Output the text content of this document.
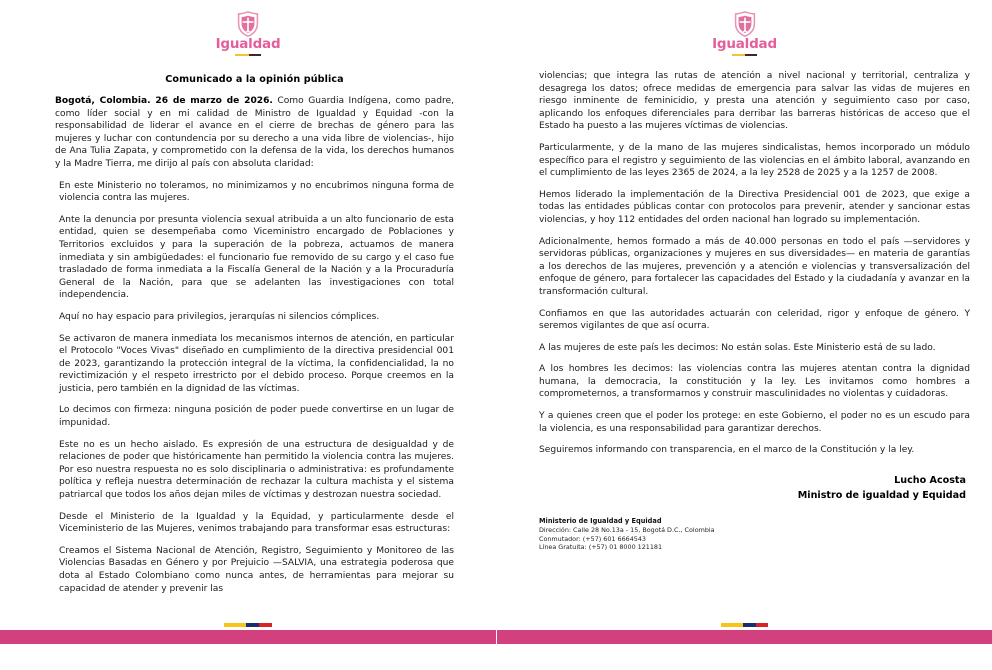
Igualdad
Comunicado a la opinión pública

Bogotá, Colombia. 26 de marzo de 2026. Como Guardia Indígena, como padre, como líder social y en mi calidad de Ministro de Igualdad y Equidad -con la responsabilidad de liderar el avance en el cierre de brechas de género para las mujeres y luchar con contundencia por su derecho a una vida libre de violencias-, hijo de Ana Tulia Zapata, y comprometido con la defensa de la vida, los derechos humanos y la Madre Tierra, me dirijo al país con absoluta claridad:

En este Ministerio no toleramos, no minimizamos y no encubrimos ninguna forma de violencia contra las mujeres.

Ante la denuncia por presunta violencia sexual atribuida a un alto funcionario de esta entidad, quien se desempeñaba como Viceministro encargado de Poblaciones y Territorios excluidos y para la superación de la pobreza, actuamos de manera inmediata y sin ambigüedades: el funcionario fue removido de su cargo y el caso fue trasladado de forma inmediata a la Fiscalía General de la Nación y a la Procuraduría General de la Nación, para que se adelanten las investigaciones con total independencia.

Aquí no hay espacio para privilegios, jerarquías ni silencios cómplices.

Se activaron de manera inmediata los mecanismos internos de atención, en particular el Protocolo "Voces Vivas" diseñado en cumplimiento de la directiva presidencial 001 de 2023, garantizando la protección integral de la víctima, la confidencialidad, la no revictimización y el respeto irrestricto por el debido proceso. Porque creemos en la justicia, pero también en la dignidad de las víctimas.

Lo decimos con firmeza: ninguna posición de poder puede convertirse en un lugar de impunidad.

Este no es un hecho aislado. Es expresión de una estructura de desigualdad y de relaciones de poder que históricamente han permitido la violencia contra las mujeres. Por eso nuestra respuesta no es solo disciplinaria o administrativa: es profundamente política y refleja nuestra determinación de rechazar la cultura machista y el sistema patriarcal que todos los años dejan miles de víctimas y destrozan nuestra sociedad.

Desde el Ministerio de la Igualdad y la Equidad, y particularmente desde el Viceministerio de las Mujeres, venimos trabajando para transformar esas estructuras:

Creamos el Sistema Nacional de Atención, Registro, Seguimiento y Monitoreo de las Violencias Basadas en Género y por Prejuicio —SALVIA, una estrategia poderosa que dota al Estado Colombiano como nunca antes, de herramientas para mejorar su capacidad de atender y prevenir las

Igualdad

violencias; que integra las rutas de atención a nivel nacional y territorial, centraliza y desagrega los datos; ofrece medidas de emergencia para salvar las vidas de mujeres en riesgo inminente de feminicidio, y presta una atención y seguimiento caso por caso, aplicando los enfoques diferenciales para derribar las barreras históricas de acceso que el Estado ha puesto a las mujeres víctimas de violencias.

Particularmente, y de la mano de las mujeres sindicalistas, hemos incorporado un módulo específico para el registro y seguimiento de las violencias en el ámbito laboral, avanzando en el cumplimiento de las leyes 2365 de 2024, a la ley 2528 de 2025 y a la 1257 de 2008.

Hemos liderado la implementación de la Directiva Presidencial 001 de 2023, que exige a todas las entidades públicas contar con protocolos para prevenir, atender y sancionar estas violencias, y hoy 112 entidades del orden nacional han logrado su implementación.

Adicionalmente, hemos formado a más de 40.000 personas en todo el país —servidores y servidoras públicas, organizaciones y mujeres en sus diversidades— en materia de garantías a los derechos de las mujeres, prevención y a atención e violencias y transversalización del enfoque de género, para fortalecer las capacidades del Estado y la ciudadanía y avanzar en la transformación cultural.

Confiamos en que las autoridades actuarán con celeridad, rigor y enfoque de género. Y seremos vigilantes de que así ocurra.

A las mujeres de este país les decimos: No están solas. Este Ministerio está de su lado.

A los hombres les decimos: las violencias contra las mujeres atentan contra la dignidad humana, la democracia, la constitución y la ley. Les invitamos como hombres a comprometernos, a transformarnos y construir masculinidades no violentas y cuidadoras.

Y a quienes creen que el poder los protege: en este Gobierno, el poder no es un escudo para la violencia, es una responsabilidad para garantizar derechos.

Seguiremos informando con transparencia, en el marco de la Constitución y la ley.

Lucho Acosta
Ministro de igualdad y Equidad
Ministerio de Igualdad y Equidad
Dirección: Calle 28 No.13a - 15, Bogotá D.C., Colombia
Conmutador: (+57) 601 6664543
Línea Gratuita: (+57) 01 8000 121181
